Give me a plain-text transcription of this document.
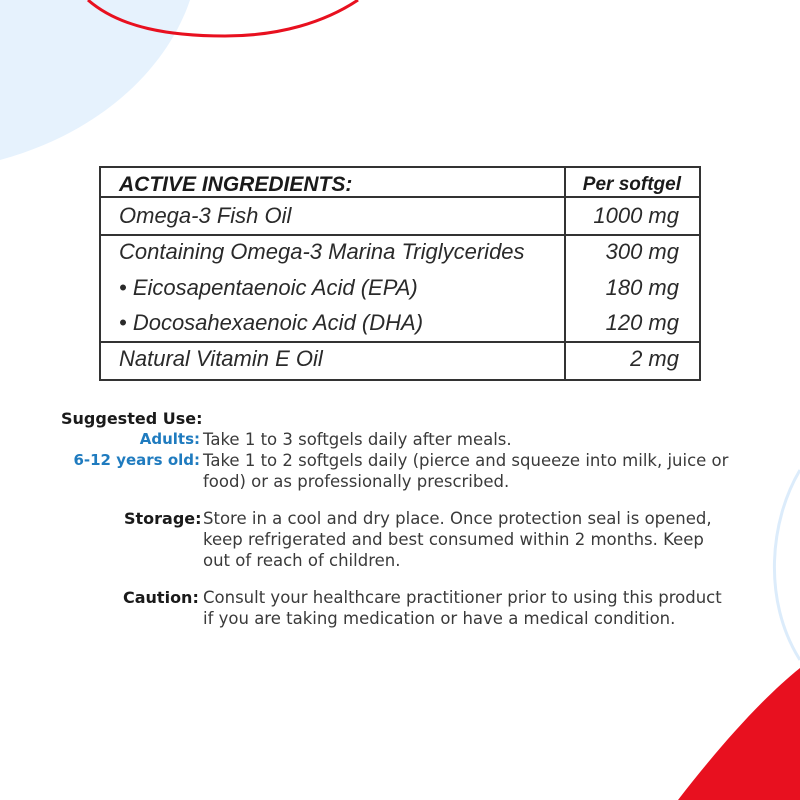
ACTIVE INGREDIENTS:	Per softgel
Omega-3 Fish Oil	1000 mg
Containing Omega-3 Marina Triglycerides	300 mg
• Eicosapentaenoic Acid (EPA)	180 mg
• Docosahexaenoic Acid (DHA)	120 mg
Natural Vitamin E Oil	2 mg
Suggested Use:
Adults: Take 1 to 3 softgels daily after meals.
6-12 years old: Take 1 to 2 softgels daily (pierce and squeeze into milk, juice or
food) or as professionally prescribed.
Storage: Store in a cool and dry place. Once protection seal is opened,
keep refrigerated and best consumed within 2 months. Keep
out of reach of children.
Caution: Consult your healthcare practitioner prior to using this product
if you are taking medication or have a medical condition.
